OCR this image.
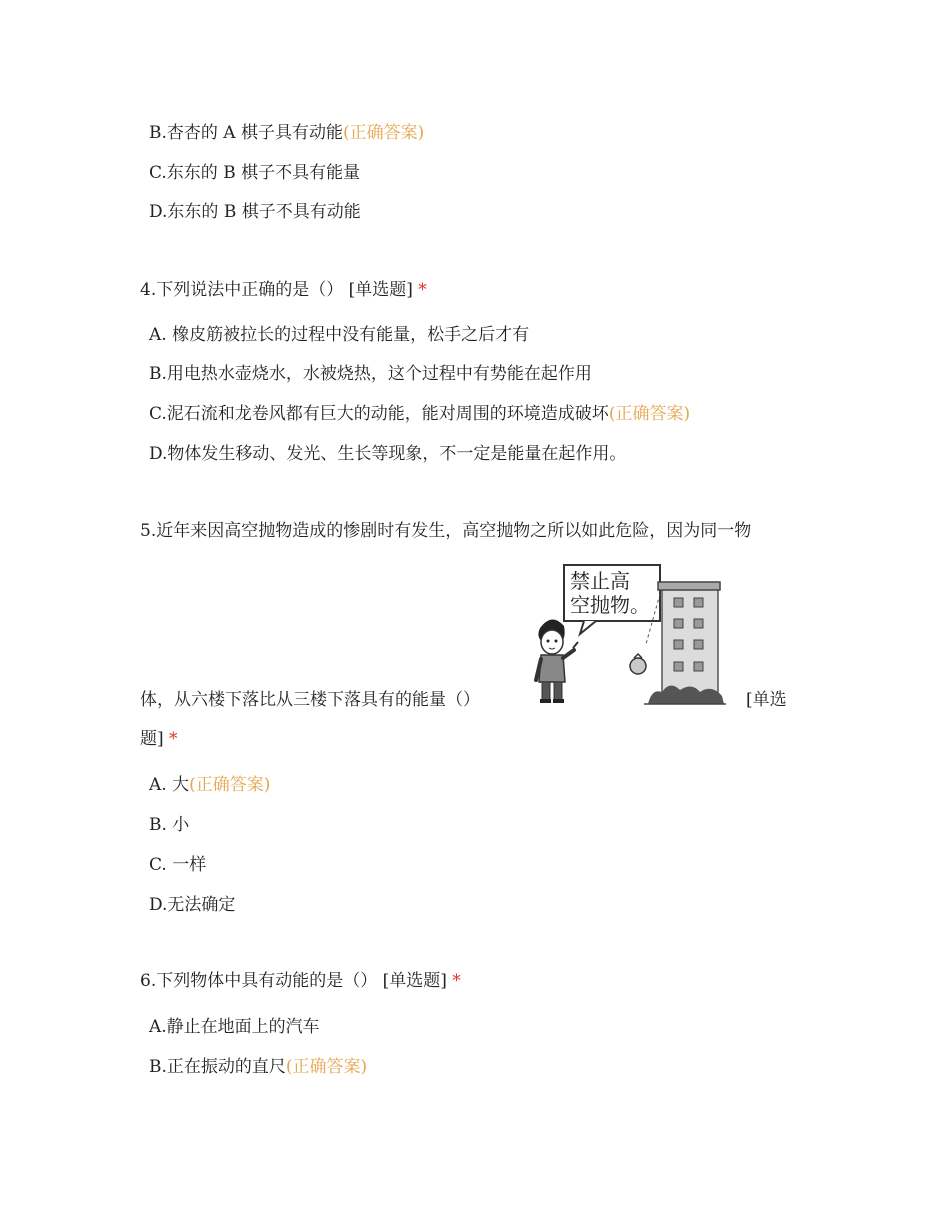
B.杏杏的 A 棋子具有动能(正确答案)
C.东东的 B 棋子不具有能量
D.东东的 B 棋子不具有动能
4.下列说法中正确的是（） [单选题] *
A. 橡皮筋被拉长的过程中没有能量，松手之后才有
B.用电热水壶烧水，水被烧热，这个过程中有势能在起作用
C.泥石流和龙卷风都有巨大的动能，能对周围的环境造成破坏(正确答案)
D.物体发生移动、发光、生长等现象，不一定是能量在起作用。
5.近年来因高空抛物造成的惨剧时有发生，高空抛物之所以如此危险，因为同一物
体，从六楼下落比从三楼下落具有的能量（）	[单选
题] *
禁止高
空抛物。
A. 大(正确答案)
B. 小
C. 一样
D.无法确定
6.下列物体中具有动能的是（） [单选题] *
A.静止在地面上的汽车
B.正在振动的直尺(正确答案)
